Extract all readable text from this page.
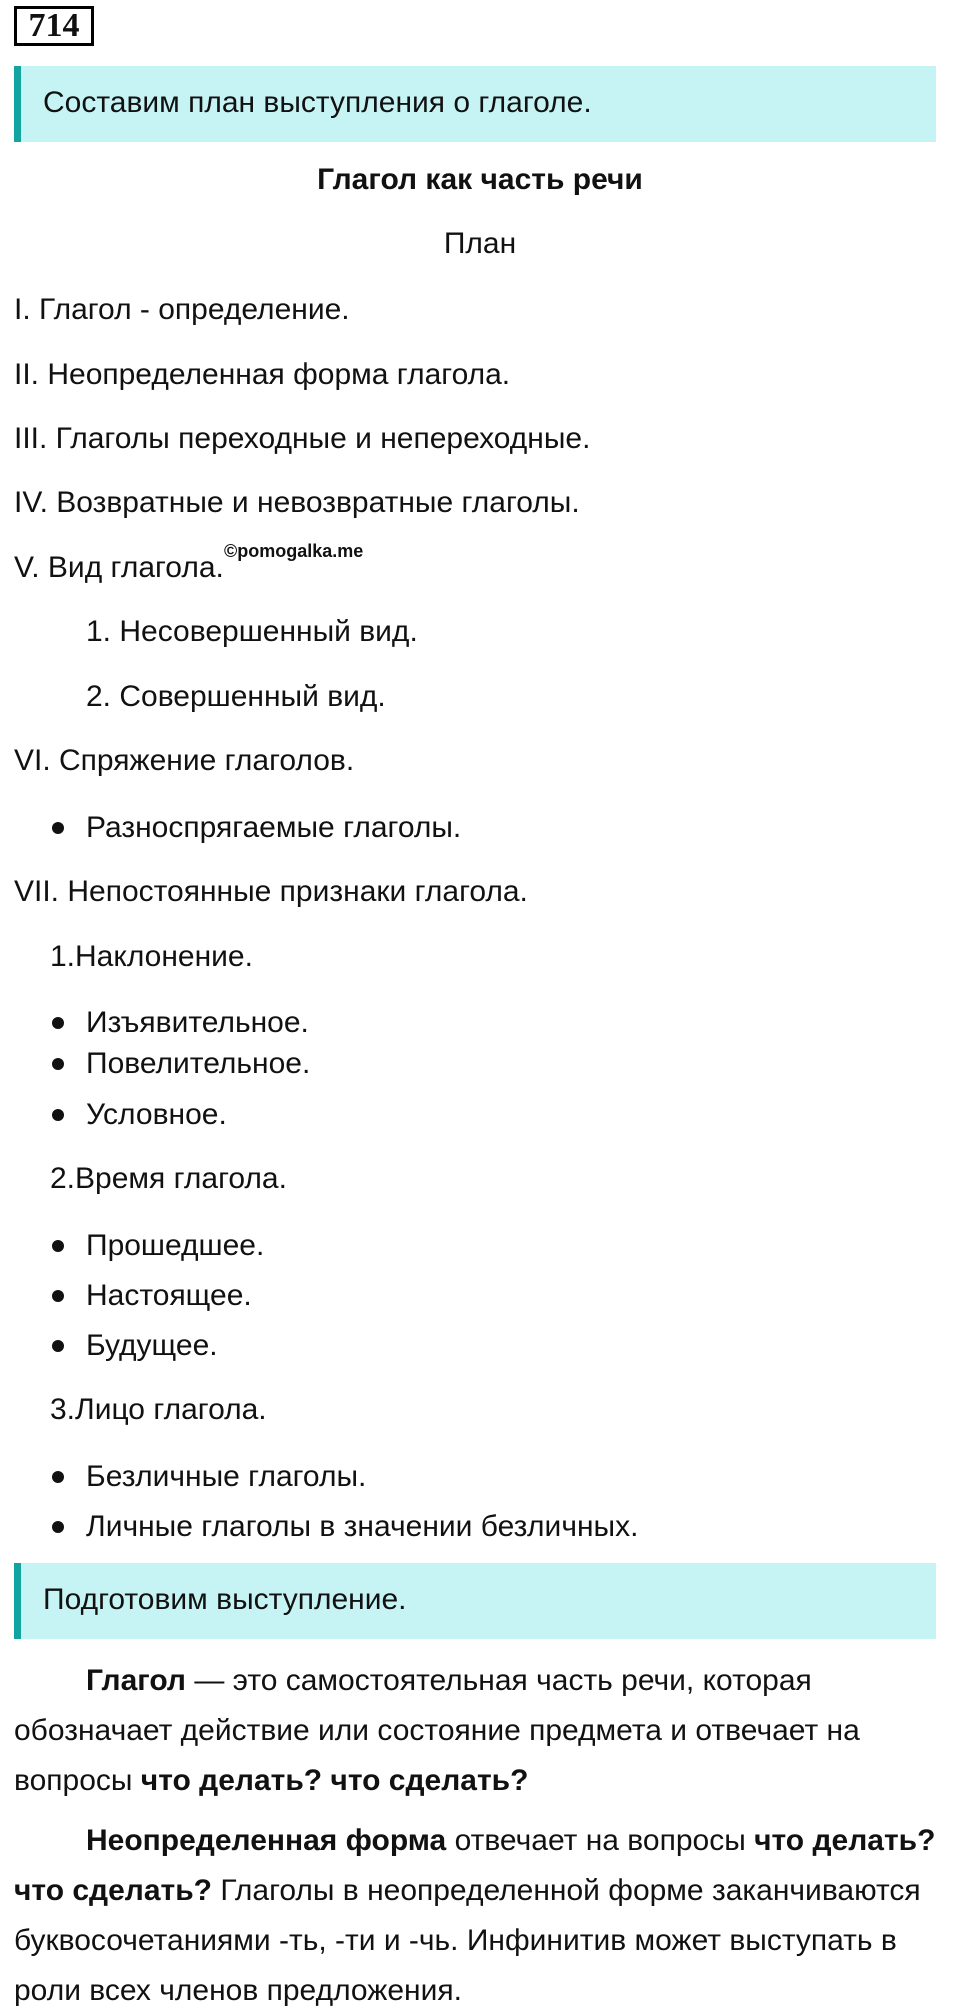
714
Составим план выступления о глаголе.
Глагол как часть речи
План
I. Глагол - определение.
II. Неопределенная форма глагола.
III. Глаголы переходные и непереходные.
IV. Возвратные и невозвратные глаголы.
V. Вид глагола. ©pomogalka.me
1. Несовершенный вид.
2. Совершенный вид.
VI. Спряжение глаголов.
Разноспрягаемые глаголы.
VII. Непостоянные признаки глагола.
1.Наклонение.
Изъявительное.
Повелительное.
Условное.
2.Время глагола.
Прошедшее.
Настоящее.
Будущее.
3.Лицо глагола.
Безличные глаголы.
Личные глаголы в значении безличных.
Подготовим выступление.

Глагол — это самостоятельная часть речи, которая обозначает действие или состояние предмета и отвечает на вопросы что делать? что сделать?

Неопределенная форма отвечает на вопросы что делать? что сделать? Глаголы в неопределенной форме заканчиваются буквосочетаниями -ть, -ти и -чь. Инфинитив может выступать в роли всех членов предложения.
